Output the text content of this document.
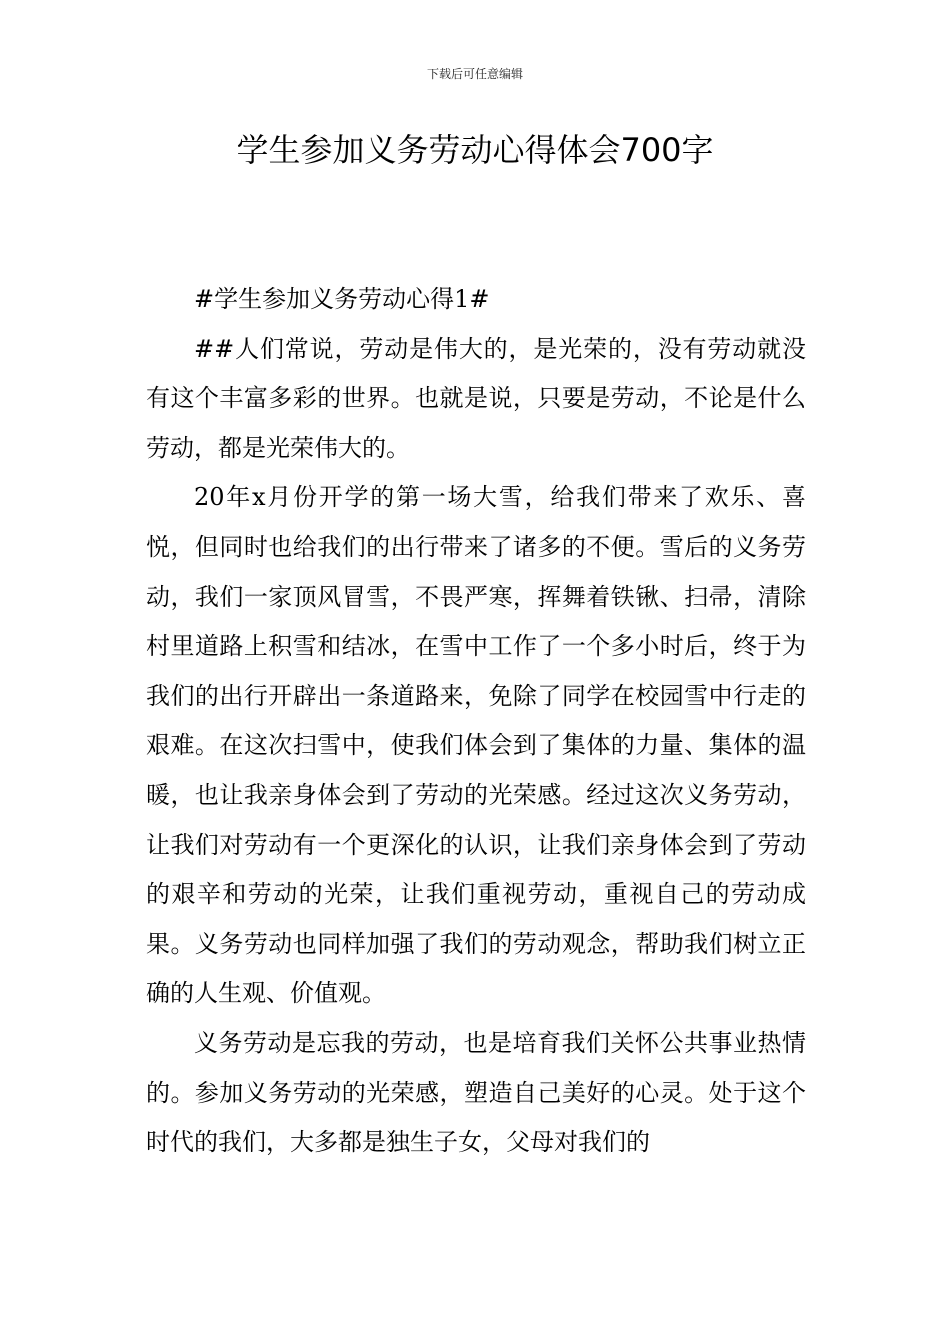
下载后可任意编辑
学生参加义务劳动心得体会700字

#学生参加义务劳动心得1#

##人们常说，劳动是伟大的，是光荣的，没有劳动就没有这个丰富多彩的世界。也就是说，只要是劳动，不论是什么劳动，都是光荣伟大的。

20年x月份开学的第一场大雪，给我们带来了欢乐、喜悦，但同时也给我们的出行带来了诸多的不便。雪后的义务劳动，我们一家顶风冒雪，不畏严寒，挥舞着铁锹、扫帚，清除村里道路上积雪和结冰，在雪中工作了一个多小时后，终于为我们的出行开辟出一条道路来，免除了同学在校园雪中行走的艰难。在这次扫雪中，使我们体会到了集体的力量、集体的温暖，也让我亲身体会到了劳动的光荣感。经过这次义务劳动，让我们对劳动有一个更深化的认识，让我们亲身体会到了劳动的艰辛和劳动的光荣，让我们重视劳动，重视自己的劳动成果。义务劳动也同样加强了我们的劳动观念，帮助我们树立正确的人生观、价值观。

义务劳动是忘我的劳动，也是培育我们关怀公共事业热情的。参加义务劳动的光荣感，塑造自己美好的心灵。处于这个时代的我们，大多都是独生子女，父母对我们的
